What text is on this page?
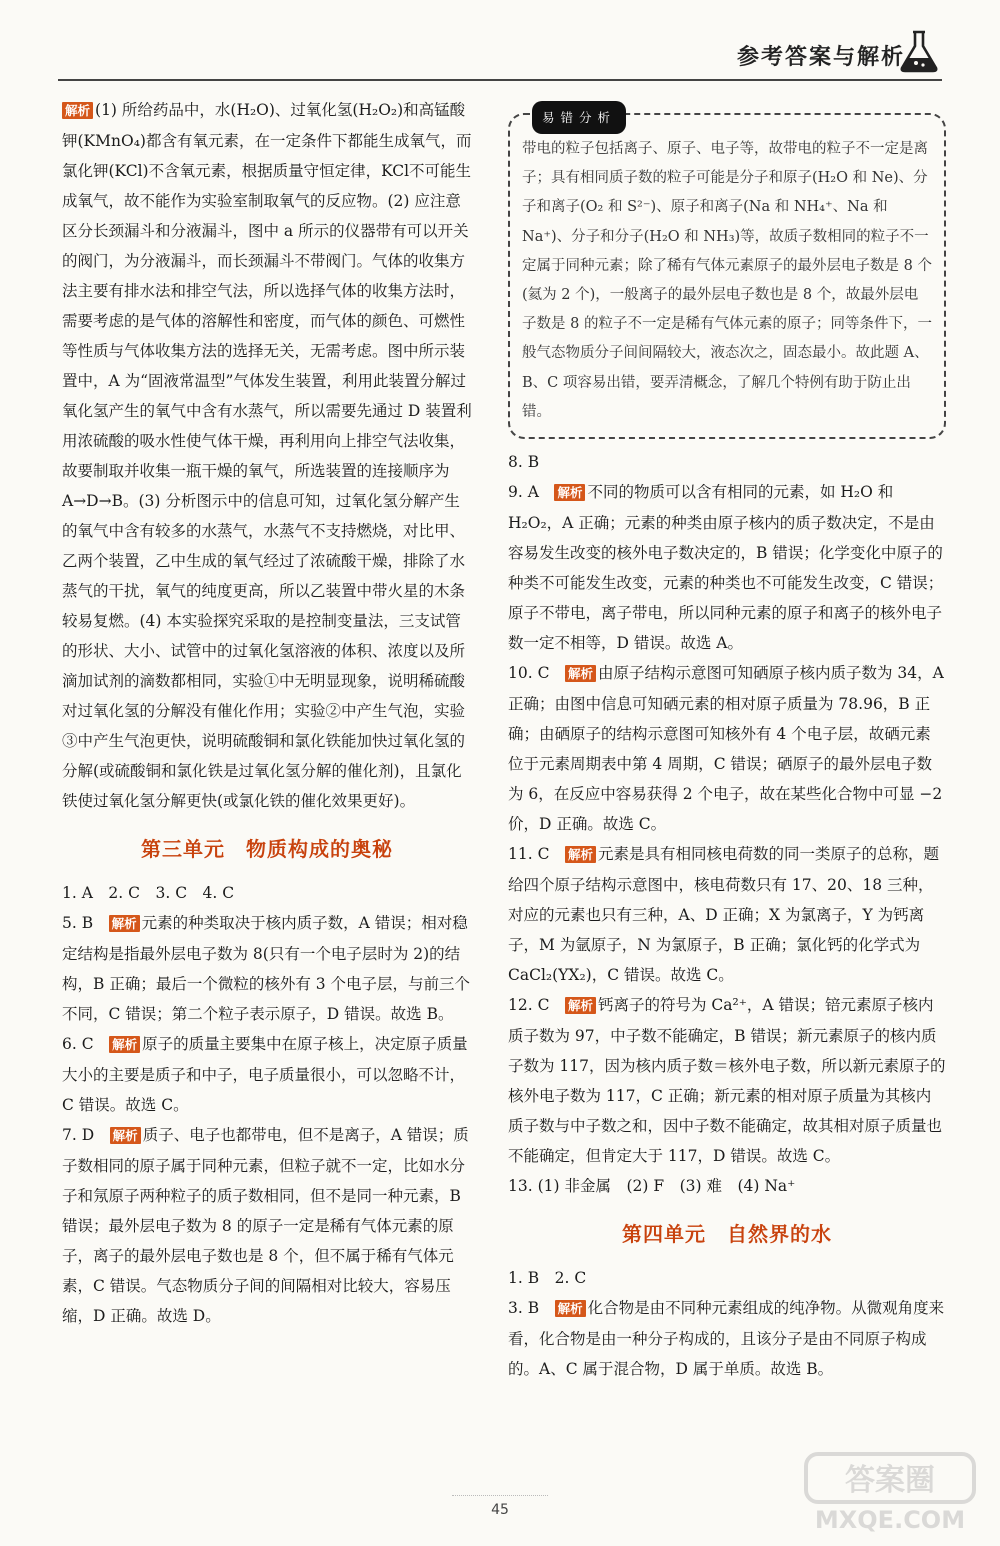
参考答案与解析

解析 (1) 所给药品中，水(H₂O)、过氧化氢(H₂O₂)和高锰酸钾(KMnO₄)都含有氧元素，在一定条件下都能生成氧气，而氯化钾(KCl)不含氧元素，根据质量守恒定律，KCl不可能生成氧气，故不能作为实验室制取氧气的反应物。(2) 应注意区分长颈漏斗和分液漏斗，图中 a 所示的仪器带有可以开关的阀门，为分液漏斗，而长颈漏斗不带阀门。气体的收集方法主要有排水法和排空气法，所以选择气体的收集方法时，需要考虑的是气体的溶解性和密度，而气体的颜色、可燃性等性质与气体收集方法的选择无关，无需考虑。图中所示装置中，A 为“固液常温型”气体发生装置，利用此装置分解过氧化氢产生的氧气中含有水蒸气，所以需要先通过 D 装置利用浓硫酸的吸水性使气体干燥，再利用向上排空气法收集，故要制取并收集一瓶干燥的氧气，所选装置的连接顺序为 A→D→B。(3) 分析图示中的信息可知，过氧化氢分解产生的氧气中含有较多的水蒸气，水蒸气不支持燃烧，对比甲、乙两个装置，乙中生成的氧气经过了浓硫酸干燥，排除了水蒸气的干扰，氧气的纯度更高，所以乙装置中带火星的木条较易复燃。(4) 本实验探究采取的是控制变量法，三支试管的形状、大小、试管中的过氧化氢溶液的体积、浓度以及所滴加试剂的滴数都相同，实验①中无明显现象，说明稀硫酸对过氧化氢的分解没有催化作用；实验②中产生气泡，实验③中产生气泡更快，说明硫酸铜和氯化铁能加快过氧化氢的分解(或硫酸铜和氯化铁是过氧化氢分解的催化剂)，且氯化铁使过氧化氢分解更快(或氯化铁的催化效果更好)。

第三单元　物质构成的奥秘

1. A　2. C　3. C　4. C

5. B　 解析 元素的种类取决于核内质子数，A 错误；相对稳定结构是指最外层电子数为 8(只有一个电子层时为 2)的结构，B 正确；最后一个微粒的核外有 3 个电子层，与前三个不同，C 错误；第二个粒子表示原子，D 错误。故选 B。

6. C　 解析 原子的质量主要集中在原子核上，决定原子质量大小的主要是质子和中子，电子质量很小，可以忽略不计，C 错误。故选 C。

7. D　 解析 质子、电子也都带电，但不是离子，A 错误；质子数相同的原子属于同种元素，但粒子就不一定，比如水分子和氖原子两种粒子的质子数相同，但不是同一种元素，B 错误；最外层电子数为 8 的原子一定是稀有气体元素的原子，离子的最外层电子数也是 8 个，但不属于稀有气体元素，C 错误。气态物质分子间的间隔相对比较大，容易压缩，D 正确。故选 D。

易错分析
带电的粒子包括离子、原子、电子等，故带电的粒子不一定是离子；具有相同质子数的粒子可能是分子和原子(H₂O 和 Ne)、分子和离子(O₂ 和 S²⁻)、原子和离子(Na 和 NH₄⁺、Na 和 Na⁺)、分子和分子(H₂O 和 NH₃)等，故质子数相同的粒子不一定属于同种元素；除了稀有气体元素原子的最外层电子数是 8 个(氦为 2 个)，一般离子的最外层电子数也是 8 个，故最外层电子数是 8 的粒子不一定是稀有气体元素的原子；同等条件下，一般气态物质分子间间隔较大，液态次之，固态最小。故此题 A、B、C 项容易出错，要弄清概念，了解几个特例有助于防止出错。

8. B

9. A　 解析 不同的物质可以含有相同的元素，如 H₂O 和 H₂O₂，A 正确；元素的种类由原子核内的质子数决定，不是由容易发生改变的核外电子数决定的，B 错误；化学变化中原子的种类不可能发生改变，元素的种类也不可能发生改变，C 错误；原子不带电，离子带电，所以同种元素的原子和离子的核外电子数一定不相等，D 错误。故选 A。

10. C　 解析 由原子结构示意图可知硒原子核内质子数为 34，A 正确；由图中信息可知硒元素的相对原子质量为 78.96，B 正确；由硒原子的结构示意图可知核外有 4 个电子层，故硒元素位于元素周期表中第 4 周期，C 错误；硒原子的最外层电子数为 6，在反应中容易获得 2 个电子，故在某些化合物中可显 −2 价，D 正确。故选 C。

11. C　 解析 元素是具有相同核电荷数的同一类原子的总称，题给四个原子结构示意图中，核电荷数只有 17、20、18 三种，对应的元素也只有三种，A、D 正确；X 为氯离子，Y 为钙离子，M 为氩原子，N 为氯原子，B 正确；氯化钙的化学式为 CaCl₂(YX₂)，C 错误。故选 C。

12. C　 解析 钙离子的符号为 Ca²⁺，A 错误；锫元素原子核内质子数为 97，中子数不能确定，B 错误；新元素原子的核内质子数为 117，因为核内质子数＝核外电子数，所以新元素原子的核外电子数为 117，C 正确；新元素的相对原子质量为其核内质子数与中子数之和，因中子数不能确定，故其相对原子质量也不能确定，但肯定大于 117，D 错误。故选 C。

13. (1) 非金属　(2) F　(3) 难　(4) Na⁺

第四单元　自然界的水

1. B　2. C

3. B　 解析 化合物是由不同种元素组成的纯净物。从微观角度来看，化合物是由一种分子构成的，且该分子是由不同原子构成的。A、C 属于混合物，D 属于单质。故选 B。

45
答案圈
MXQE.COM
